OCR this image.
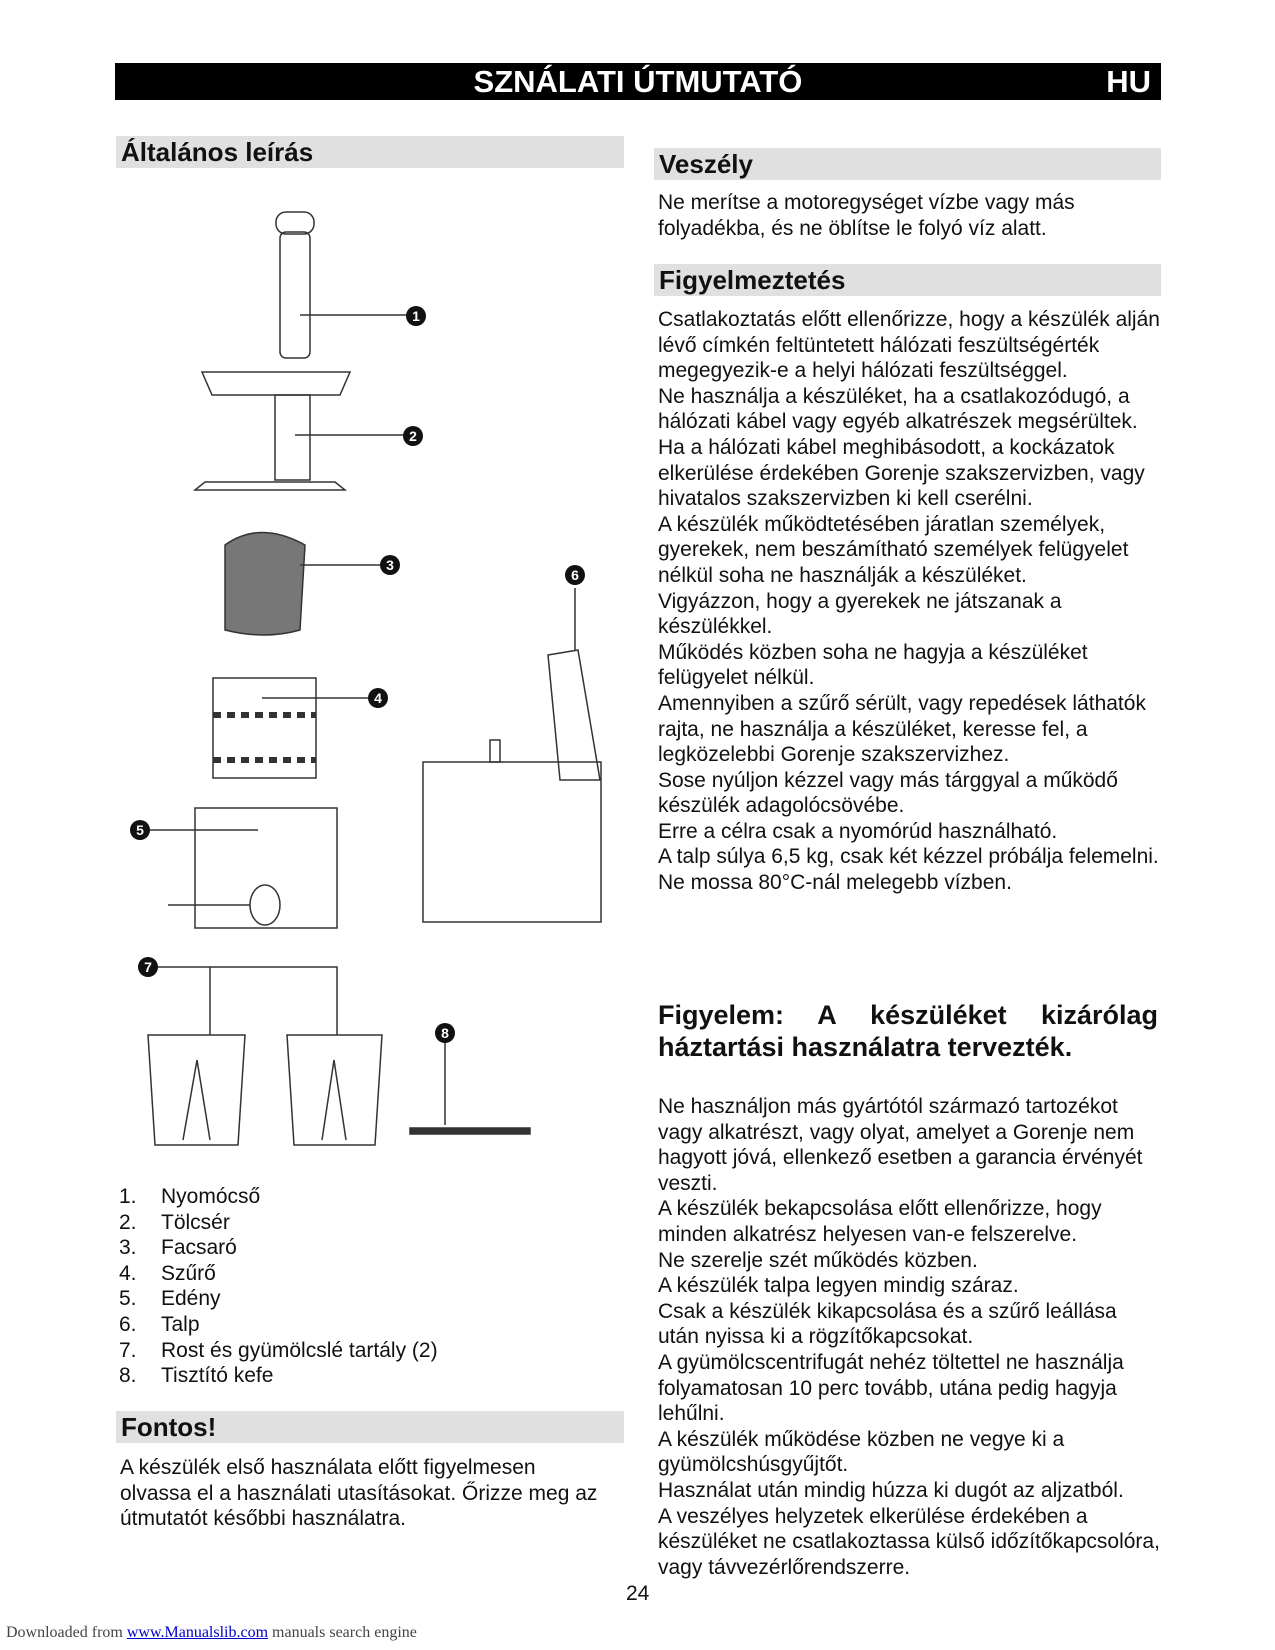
SZNÁLATI ÚTMUTATÓ	HU
Általános leírás
1
2
3
4
5
6
7
8
1. Nyomócső
2. Tölcsér
3. Facsaró
4. Szűrő
5. Edény
6. Talp
7. Rost és gyümölcslé tartály (2)
8. Tisztító kefe
Fontos!
A készülék első használata előtt figyelmesen olvassa el a használati utasításokat. Őrizze meg az útmutatót későbbi használatra.
Veszély
Ne merítse a motoregységet vízbe vagy más folyadékba, és ne öblítse le folyó víz alatt.
Figyelmeztetés

Csatlakoztatás előtt ellenőrizze, hogy a készülék alján lévő címkén feltüntetett hálózati feszültségérték megegyezik-e a helyi hálózati feszültséggel.

Ne használja a készüléket, ha a csatlakozódugó, a hálózati kábel vagy egyéb alkatrészek megsérültek.

Ha a hálózati kábel meghibásodott, a kockázatok elkerülése érdekében Gorenje szakszervizben, vagy hivatalos szakszervizben ki kell cserélni.

A készülék működtetésében járatlan személyek, gyerekek, nem beszámítható személyek felügyelet nélkül soha ne használják a készüléket.

Vigyázzon, hogy a gyerekek ne játszanak a készülékkel.

Működés közben soha ne hagyja a készüléket felügyelet nélkül.

Amennyiben a szűrő sérült, vagy repedések láthatók rajta, ne használja a készüléket, keresse fel, a legközelebbi Gorenje szakszervizhez.

Sose nyúljon kézzel vagy más tárggyal a működő készülék adagolócsövébe.

Erre a célra csak a nyomórúd használható.

A talp súlya 6,5 kg, csak két kézzel próbálja felemelni.

Ne mossa 80°C-nál melegebb vízben.

Figyelem: A készüléket kizárólag háztartási használatra tervezték.

Ne használjon más gyártótól származó tartozékot vagy alkatrészt, vagy olyat, amelyet a Gorenje nem hagyott jóvá, ellenkező esetben a garancia érvényét veszti.

A készülék bekapcsolása előtt ellenőrizze, hogy minden alkatrész helyesen van-e felszerelve.

Ne szerelje szét működés közben.

A készülék talpa legyen mindig száraz.

Csak a készülék kikapcsolása és a szűrő leállása után nyissa ki a rögzítőkapcsokat.

A gyümölcscentrifugát nehéz töltettel ne használja folyamatosan 10 perc tovább, utána pedig hagyja lehűlni.

A készülék működése közben ne vegye ki a gyümölcshúsgyűjtőt.

Használat után mindig húzza ki dugót az aljzatból.

A veszélyes helyzetek elkerülése érdekében a készüléket ne csatlakoztassa külső időzítőkapcsolóra, vagy távvezérlőrendszerre.

24
Downloaded from www.Manualslib.com manuals search engine
